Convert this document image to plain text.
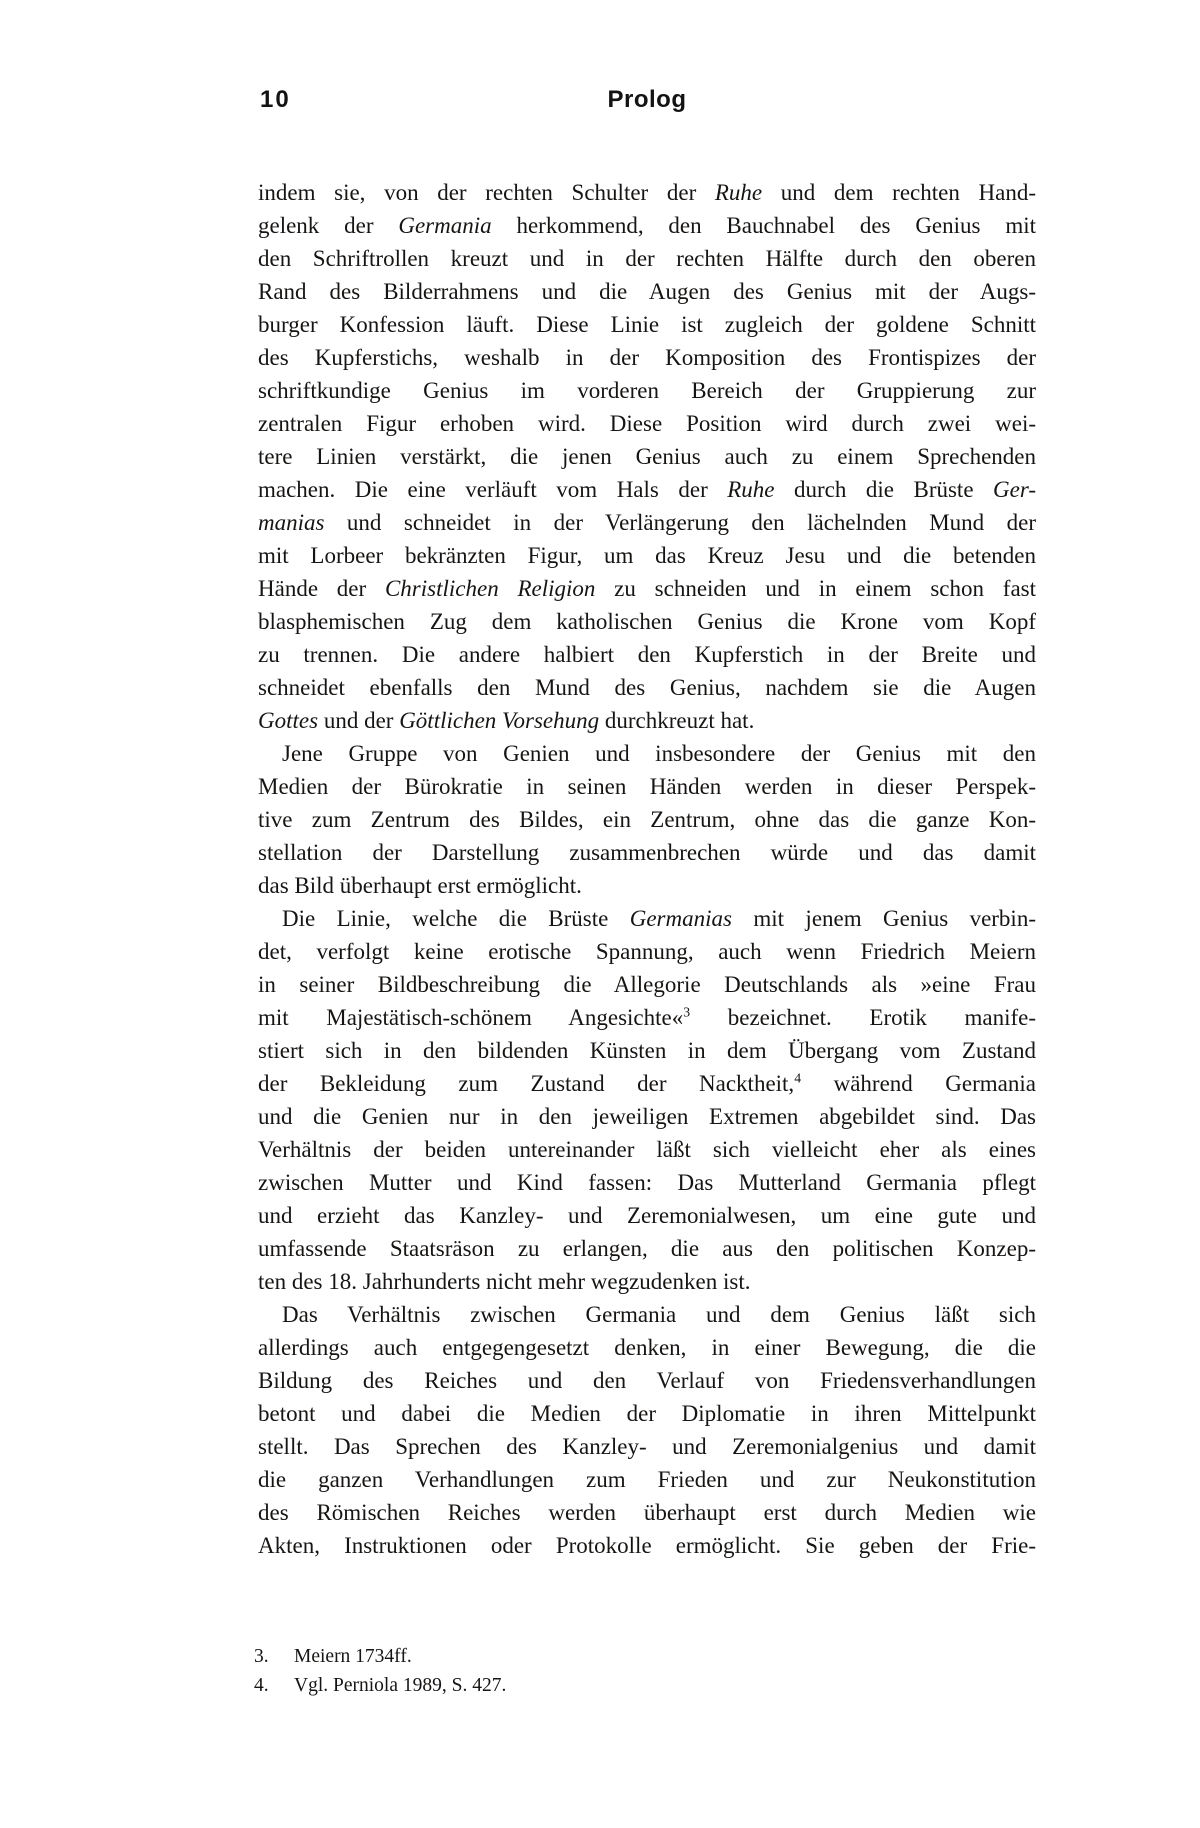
10	Prolog
indem sie, von der rechten Schulter der Ruhe und dem rechten Hand-
gelenk der Germania herkommend, den Bauchnabel des Genius mit
den Schriftrollen kreuzt und in der rechten Hälfte durch den oberen
Rand des Bilderrahmens und die Augen des Genius mit der Augs-
burger Konfession läuft. Diese Linie ist zugleich der goldene Schnitt
des Kupferstichs, weshalb in der Komposition des Frontispizes der
schriftkundige Genius im vorderen Bereich der Gruppierung zur
zentralen Figur erhoben wird. Diese Position wird durch zwei wei-
tere Linien verstärkt, die jenen Genius auch zu einem Sprechenden
machen. Die eine verläuft vom Hals der Ruhe durch die Brüste Ger-
manias und schneidet in der Verlängerung den lächelnden Mund der
mit Lorbeer bekränzten Figur, um das Kreuz Jesu und die betenden
Hände der Christlichen Religion zu schneiden und in einem schon fast
blasphemischen Zug dem katholischen Genius die Krone vom Kopf
zu trennen. Die andere halbiert den Kupferstich in der Breite und
schneidet ebenfalls den Mund des Genius, nachdem sie die Augen
Gottes und der Göttlichen Vorsehung durchkreuzt hat.
Jene Gruppe von Genien und insbesondere der Genius mit den
Medien der Bürokratie in seinen Händen werden in dieser Perspek-
tive zum Zentrum des Bildes, ein Zentrum, ohne das die ganze Kon-
stellation der Darstellung zusammenbrechen würde und das damit
das Bild überhaupt erst ermöglicht.
Die Linie, welche die Brüste Germanias mit jenem Genius verbin-
det, verfolgt keine erotische Spannung, auch wenn Friedrich Meiern
in seiner Bildbeschreibung die Allegorie Deutschlands als »eine Frau
mit Majestätisch-schönem Angesichte«$^3$ bezeichnet. Erotik manife-
stiert sich in den bildenden Künsten in dem Übergang vom Zustand
der Bekleidung zum Zustand der Nacktheit,$^4$ während Germania
und die Genien nur in den jeweiligen Extremen abgebildet sind. Das
Verhältnis der beiden untereinander läßt sich vielleicht eher als eines
zwischen Mutter und Kind fassen: Das Mutterland Germania pflegt
und erzieht das Kanzley- und Zeremonialwesen, um eine gute und
umfassende Staatsräson zu erlangen, die aus den politischen Konzep-
ten des 18. Jahrhunderts nicht mehr wegzudenken ist.
Das Verhältnis zwischen Germania und dem Genius läßt sich
allerdings auch entgegengesetzt denken, in einer Bewegung, die die
Bildung des Reiches und den Verlauf von Friedensverhandlungen
betont und dabei die Medien der Diplomatie in ihren Mittelpunkt
stellt. Das Sprechen des Kanzley- und Zeremonialgenius und damit
die ganzen Verhandlungen zum Frieden und zur Neukonstitution
des Römischen Reiches werden überhaupt erst durch Medien wie
Akten, Instruktionen oder Protokolle ermöglicht. Sie geben der Frie-
3.	Meiern 1734ff.
4.	Vgl. Perniola 1989, S. 427.
